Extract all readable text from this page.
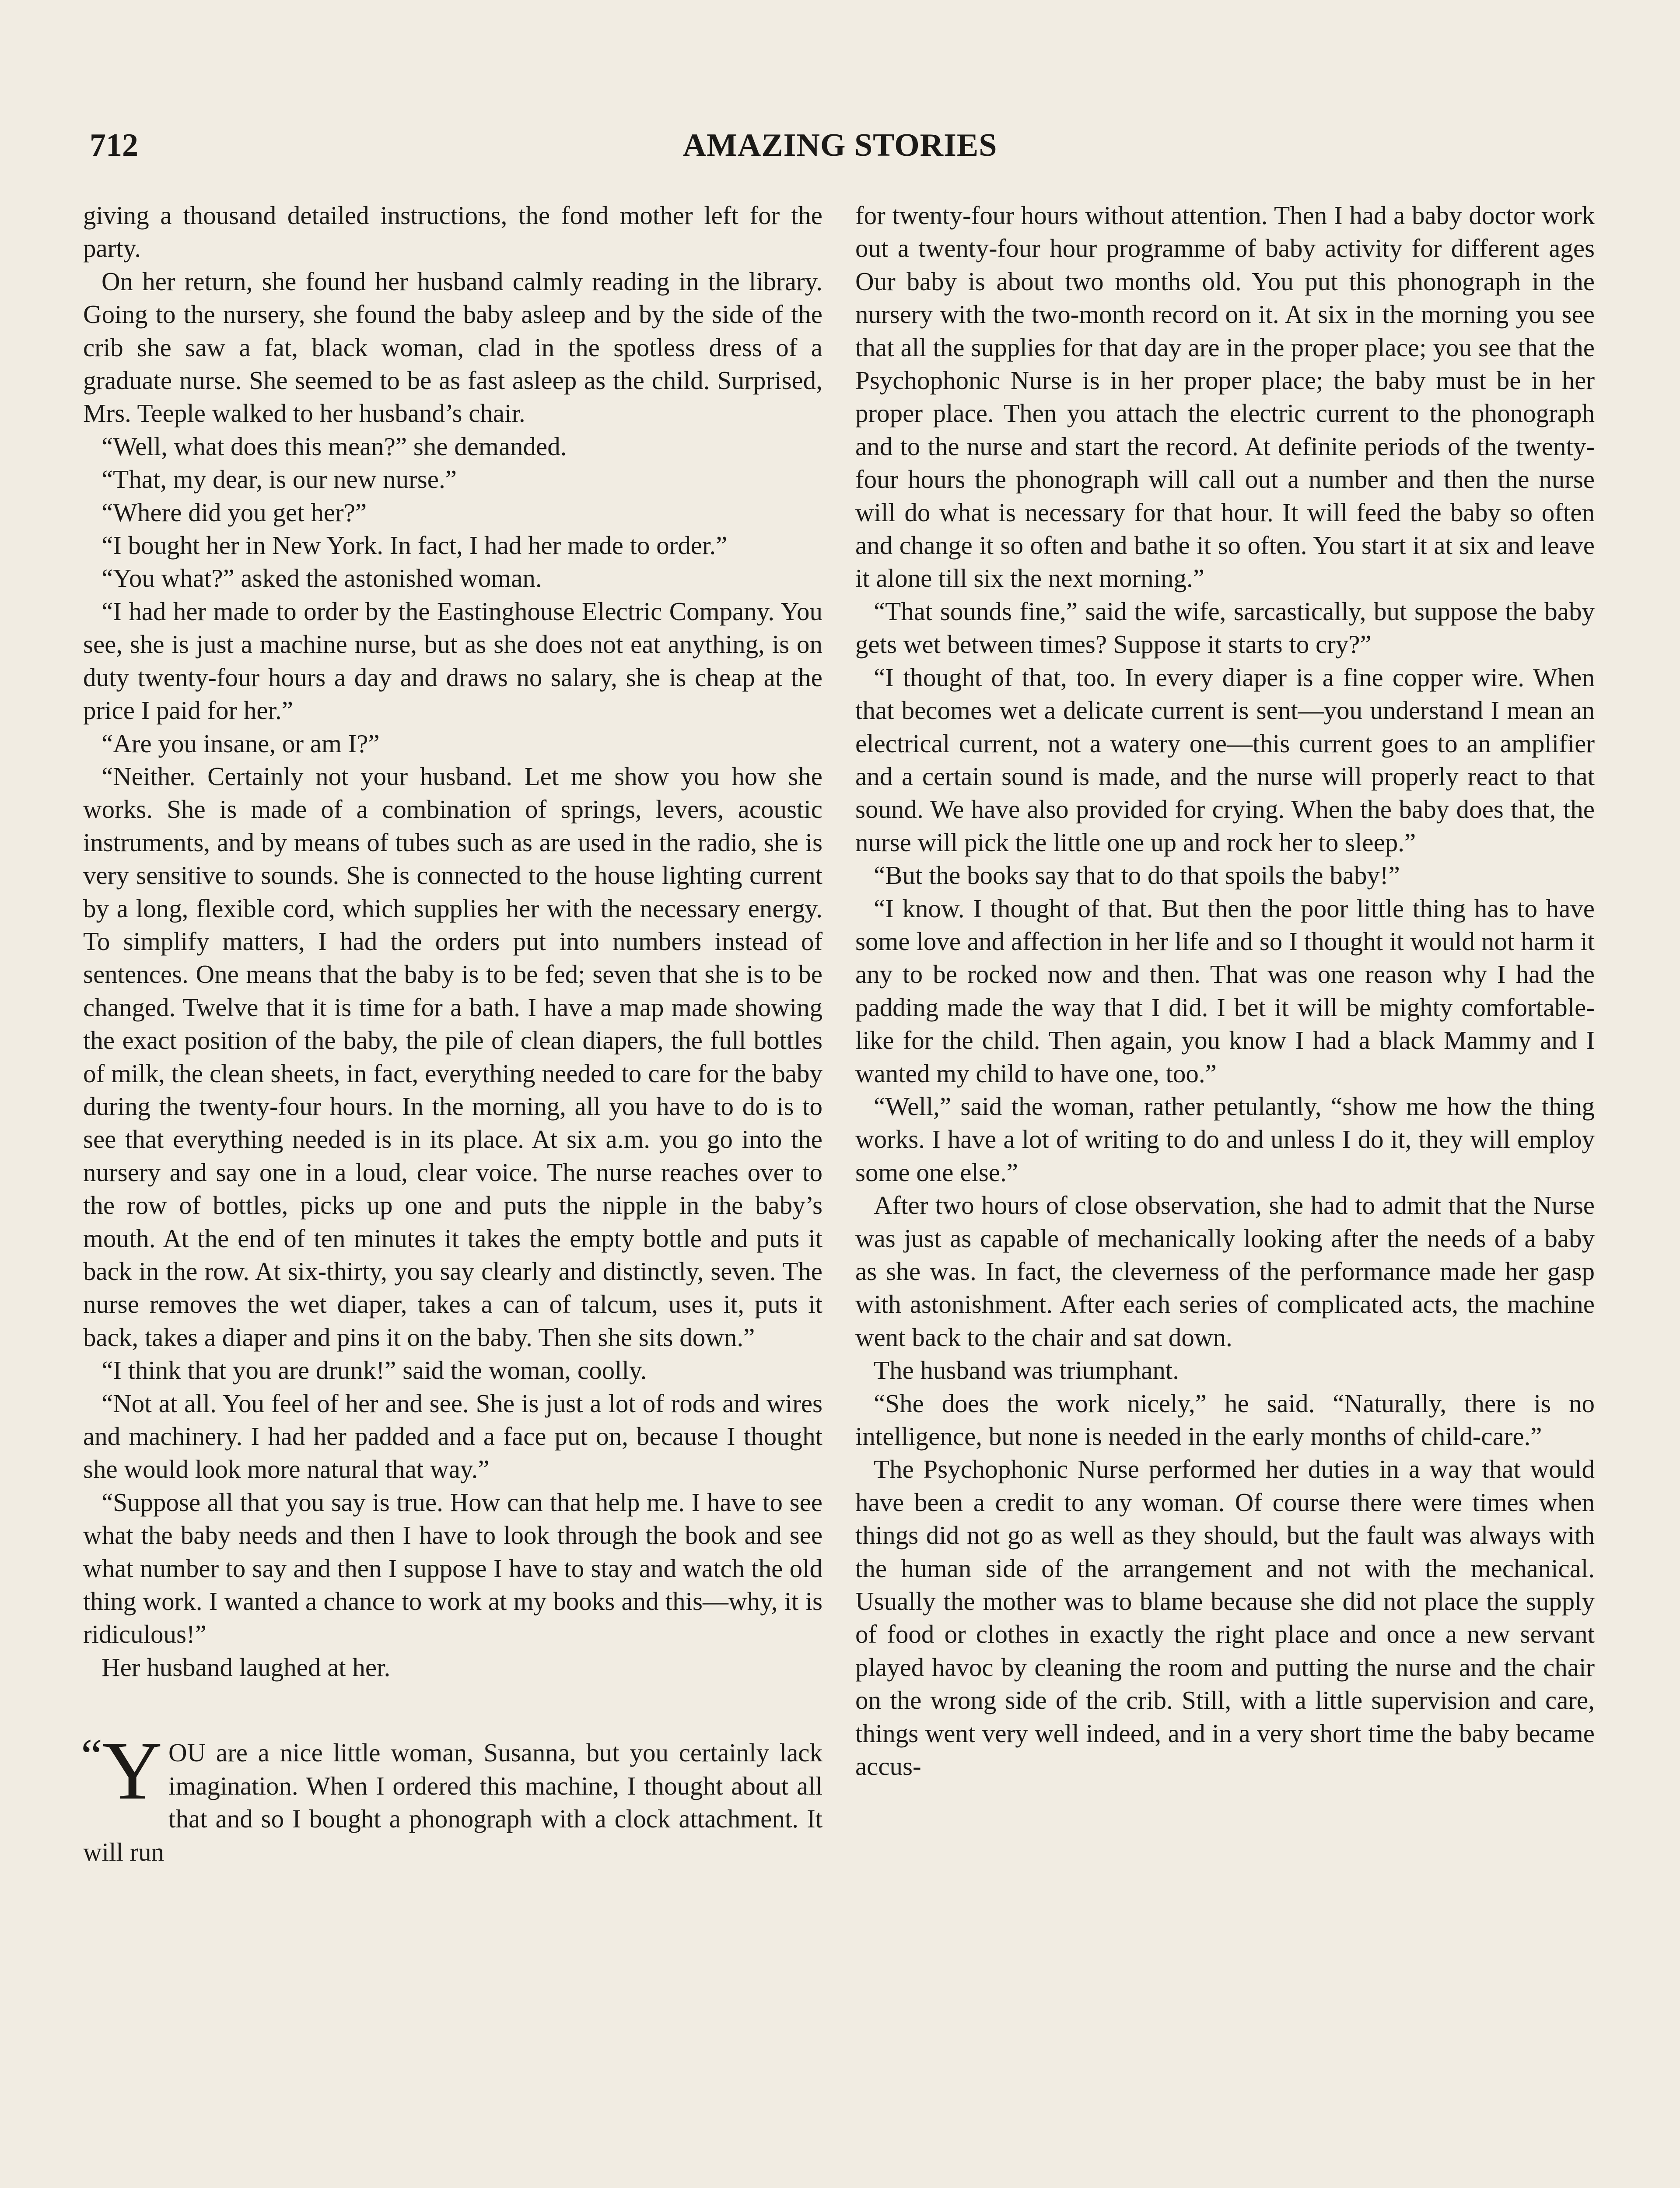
712	AMAZING STORIES

giving a thousand detailed instructions, the fond mother left for the party.

On her return, she found her husband calmly reading in the library. Going to the nursery, she found the baby asleep and by the side of the crib she saw a fat, black woman, clad in the spotless dress of a graduate nurse. She seemed to be as fast asleep as the child. Surprised, Mrs. Teeple walked to her husband’s chair.

“Well, what does this mean?” she demanded.

“That, my dear, is our new nurse.”

“Where did you get her?”

“I bought her in New York. In fact, I had her made to order.”

“You what?” asked the astonished woman.

“I had her made to order by the Eastinghouse Electric Company. You see, she is just a machine nurse, but as she does not eat anything, is on duty twenty-four hours a day and draws no salary, she is cheap at the price I paid for her.”

“Are you insane, or am I?”

“Neither. Certainly not your husband. Let me show you how she works. She is made of a combination of springs, levers, acoustic instruments, and by means of tubes such as are used in the radio, she is very sensitive to sounds. She is connected to the house lighting current by a long, flexible cord, which supplies her with the necessary energy. To simplify matters, I had the orders put into numbers instead of sentences. One means that the baby is to be fed; seven that she is to be changed. Twelve that it is time for a bath. I have a map made showing the exact position of the baby, the pile of clean diapers, the full bottles of milk, the clean sheets, in fact, everything needed to care for the baby during the twenty-four hours. In the morning, all you have to do is to see that everything needed is in its place. At six a.m. you go into the nursery and say one in a loud, clear voice. The nurse reaches over to the row of bottles, picks up one and puts the nipple in the baby’s mouth. At the end of ten minutes it takes the empty bottle and puts it back in the row. At six-thirty, you say clearly and distinctly, seven. The nurse removes the wet diaper, takes a can of talcum, uses it, puts it back, takes a diaper and pins it on the baby. Then she sits down.”

“I think that you are drunk!” said the woman, coolly.

“Not at all. You feel of her and see. She is just a lot of rods and wires and machinery. I had her padded and a face put on, because I thought she would look more natural that way.”

“Suppose all that you say is true. How can that help me. I have to see what the baby needs and then I have to look through the book and see what number to say and then I suppose I have to stay and watch the old thing work. I wanted a chance to work at my books and this—why, it is ridiculous!”

Her husband laughed at her.

“Y OU are a nice little woman, Susanna, but you certainly lack imagination. When I ordered this machine, I thought about all that and so I bought a phonograph with a clock attachment. It will run

for twenty-four hours without attention. Then I had a baby doctor work out a twenty-four hour programme of baby activity for different ages Our baby is about two months old. You put this phonograph in the nursery with the two-month record on it. At six in the morning you see that all the supplies for that day are in the proper place; you see that the Psychophonic Nurse is in her proper place; the baby must be in her proper place. Then you attach the electric current to the phonograph and to the nurse and start the record. At definite periods of the twenty-four hours the phonograph will call out a number and then the nurse will do what is necessary for that hour. It will feed the baby so often and change it so often and bathe it so often. You start it at six and leave it alone till six the next morning.”

“That sounds fine,” said the wife, sarcastically, but suppose the baby gets wet between times? Suppose it starts to cry?”

“I thought of that, too. In every diaper is a fine copper wire. When that becomes wet a delicate current is sent—you understand I mean an electrical current, not a watery one—this current goes to an amplifier and a certain sound is made, and the nurse will properly react to that sound. We have also provided for crying. When the baby does that, the nurse will pick the little one up and rock her to sleep.”

“But the books say that to do that spoils the baby!”

“I know. I thought of that. But then the poor little thing has to have some love and affection in her life and so I thought it would not harm it any to be rocked now and then. That was one reason why I had the padding made the way that I did. I bet it will be mighty comfortable-like for the child. Then again, you know I had a black Mammy and I wanted my child to have one, too.”

“Well,” said the woman, rather petulantly, “show me how the thing works. I have a lot of writing to do and unless I do it, they will employ some one else.”

After two hours of close observation, she had to admit that the Nurse was just as capable of mechanically looking after the needs of a baby as she was. In fact, the cleverness of the performance made her gasp with astonishment. After each series of complicated acts, the machine went back to the chair and sat down.

The husband was triumphant.

“She does the work nicely,” he said. “Naturally, there is no intelligence, but none is needed in the early months of child-care.”

The Psychophonic Nurse performed her duties in a way that would have been a credit to any woman. Of course there were times when things did not go as well as they should, but the fault was always with the human side of the arrangement and not with the mechanical. Usually the mother was to blame because she did not place the supply of food or clothes in exactly the right place and once a new servant played havoc by cleaning the room and putting the nurse and the chair on the wrong side of the crib. Still, with a little supervision and care, things went very well indeed, and in a very short time the baby became accus-
